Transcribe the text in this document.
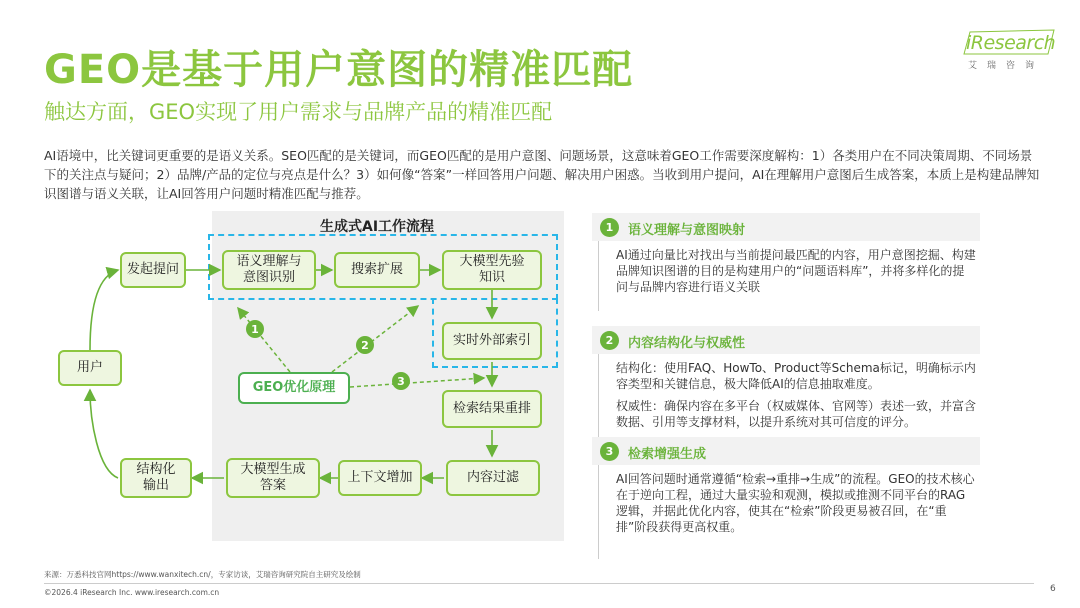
GEO是基于用户意图的精准匹配
触达方面，GEO实现了用户需求与品牌产品的精准匹配
iResearch
艾瑞咨询
AI语境中，比关键词更重要的是语义关系。SEO匹配的是关键词，而GEO匹配的是用户意图、问题场景，这意味着GEO工作需要深度解构：1）各类用户在不同决策周期、不同场景下的关注点与疑问；2）品牌/产品的定位与亮点是什么？3）如何像“答案”一样回答用户问题、解决用户困惑。当收到用户提问，AI在理解用户意图后生成答案，本质上是构建品牌知识图谱与语义关联，让AI回答用户问题时精准匹配与推荐。
生成式AI工作流程
用户
发起提问
语义理解与
意图识别
搜索扩展
大模型先验
知识
实时外部索引
检索结果重排
内容过滤
上下文增加
大模型生成
答案
结构化
输出
GEO优化原理
1
2
3
1	语义理解与意图映射

AI通过向量比对找出与当前提问最匹配的内容，用户意图挖掘、构建品牌知识图谱的目的是构建用户的“问题语料库”，并将多样化的提问与品牌内容进行语义关联

2	内容结构化与权威性

结构化：使用FAQ、HowTo、Product等Schema标记，明确标示内容类型和关键信息，极大降低AI的信息抽取难度。

权威性：确保内容在多平台（权威媒体、官网等）表述一致，并富含数据、引用等支撑材料，以提升系统对其可信度的评分。

3	检索增强生成

AI回答问题时通常遵循“检索→重排→生成”的流程。GEO的技术核心在于逆向工程，通过大量实验和观测，模拟或推测不同平台的RAG逻辑，并据此优化内容，使其在“检索”阶段更易被召回，在“重排”阶段获得更高权重。

来源：万悉科技官网https://www.wanxitech.cn/，专家访谈，艾瑞咨询研究院自主研究及绘制
©2026.4 iResearch Inc. www.iresearch.com.cn	6
